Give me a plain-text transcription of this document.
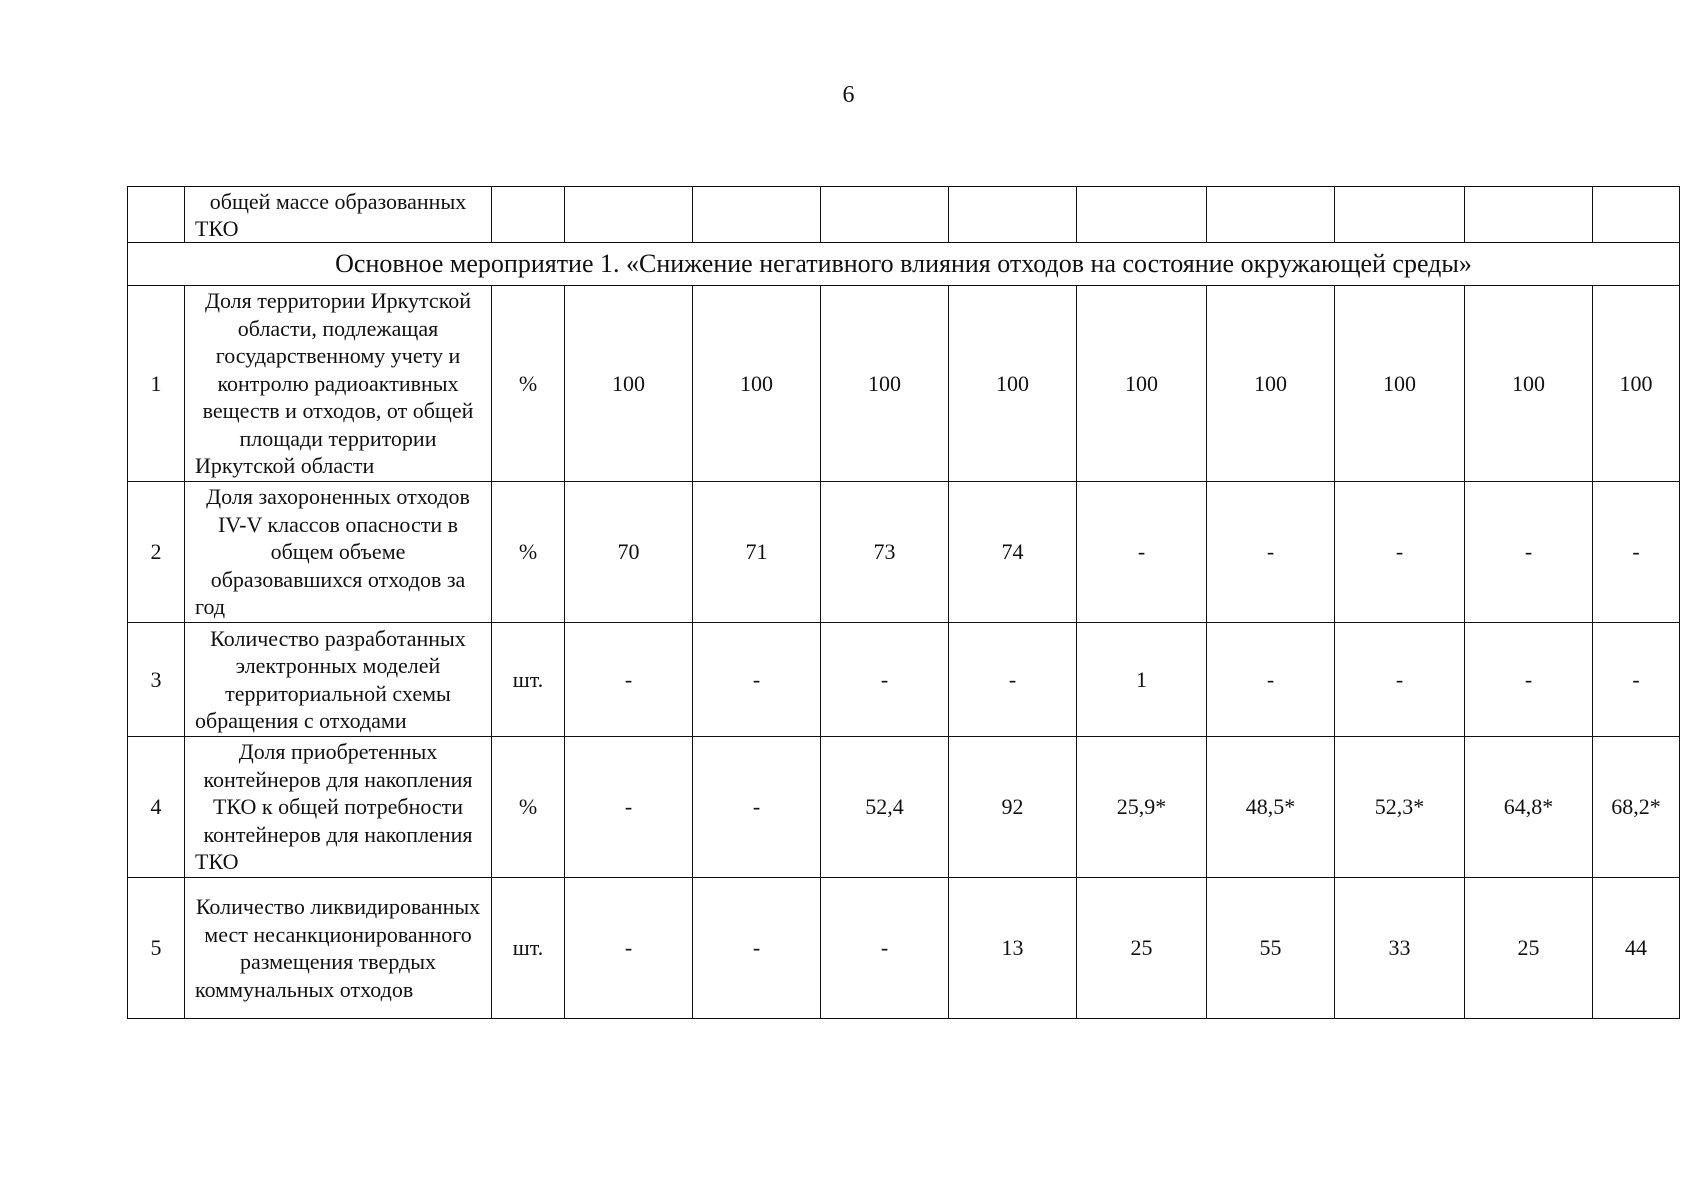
6
	общей массе образованных ТКО										
Основное мероприятие 1. «Снижение негативного влияния отходов на состояние окружающей среды»											
1	Доля территории Иркутской области, подлежащая государственному учету и контролю радиоактивных веществ и отходов, от общей площади территории Иркутской области	%	100	100	100	100	100	100	100	100	100
2	Доля захороненных отходов IV-V классов опасности в общем объеме образовавшихся отходов за год	%	70	71	73	74	-	-	-	-	-
3	Количество разработанных электронных моделей территориальной схемы обращения с отходами	шт.	-	-	-	-	1	-	-	-	-
4	Доля приобретенных контейнеров для накопления ТКО к общей потребности контейнеров для накопления ТКО	%	-	-	52,4	92	25,9*	48,5*	52,3*	64,8*	68,2*
5	Количество ликвидированных мест несанкционированного размещения твердых коммунальных отходов	шт.	-	-	-	13	25	55	33	25	44
